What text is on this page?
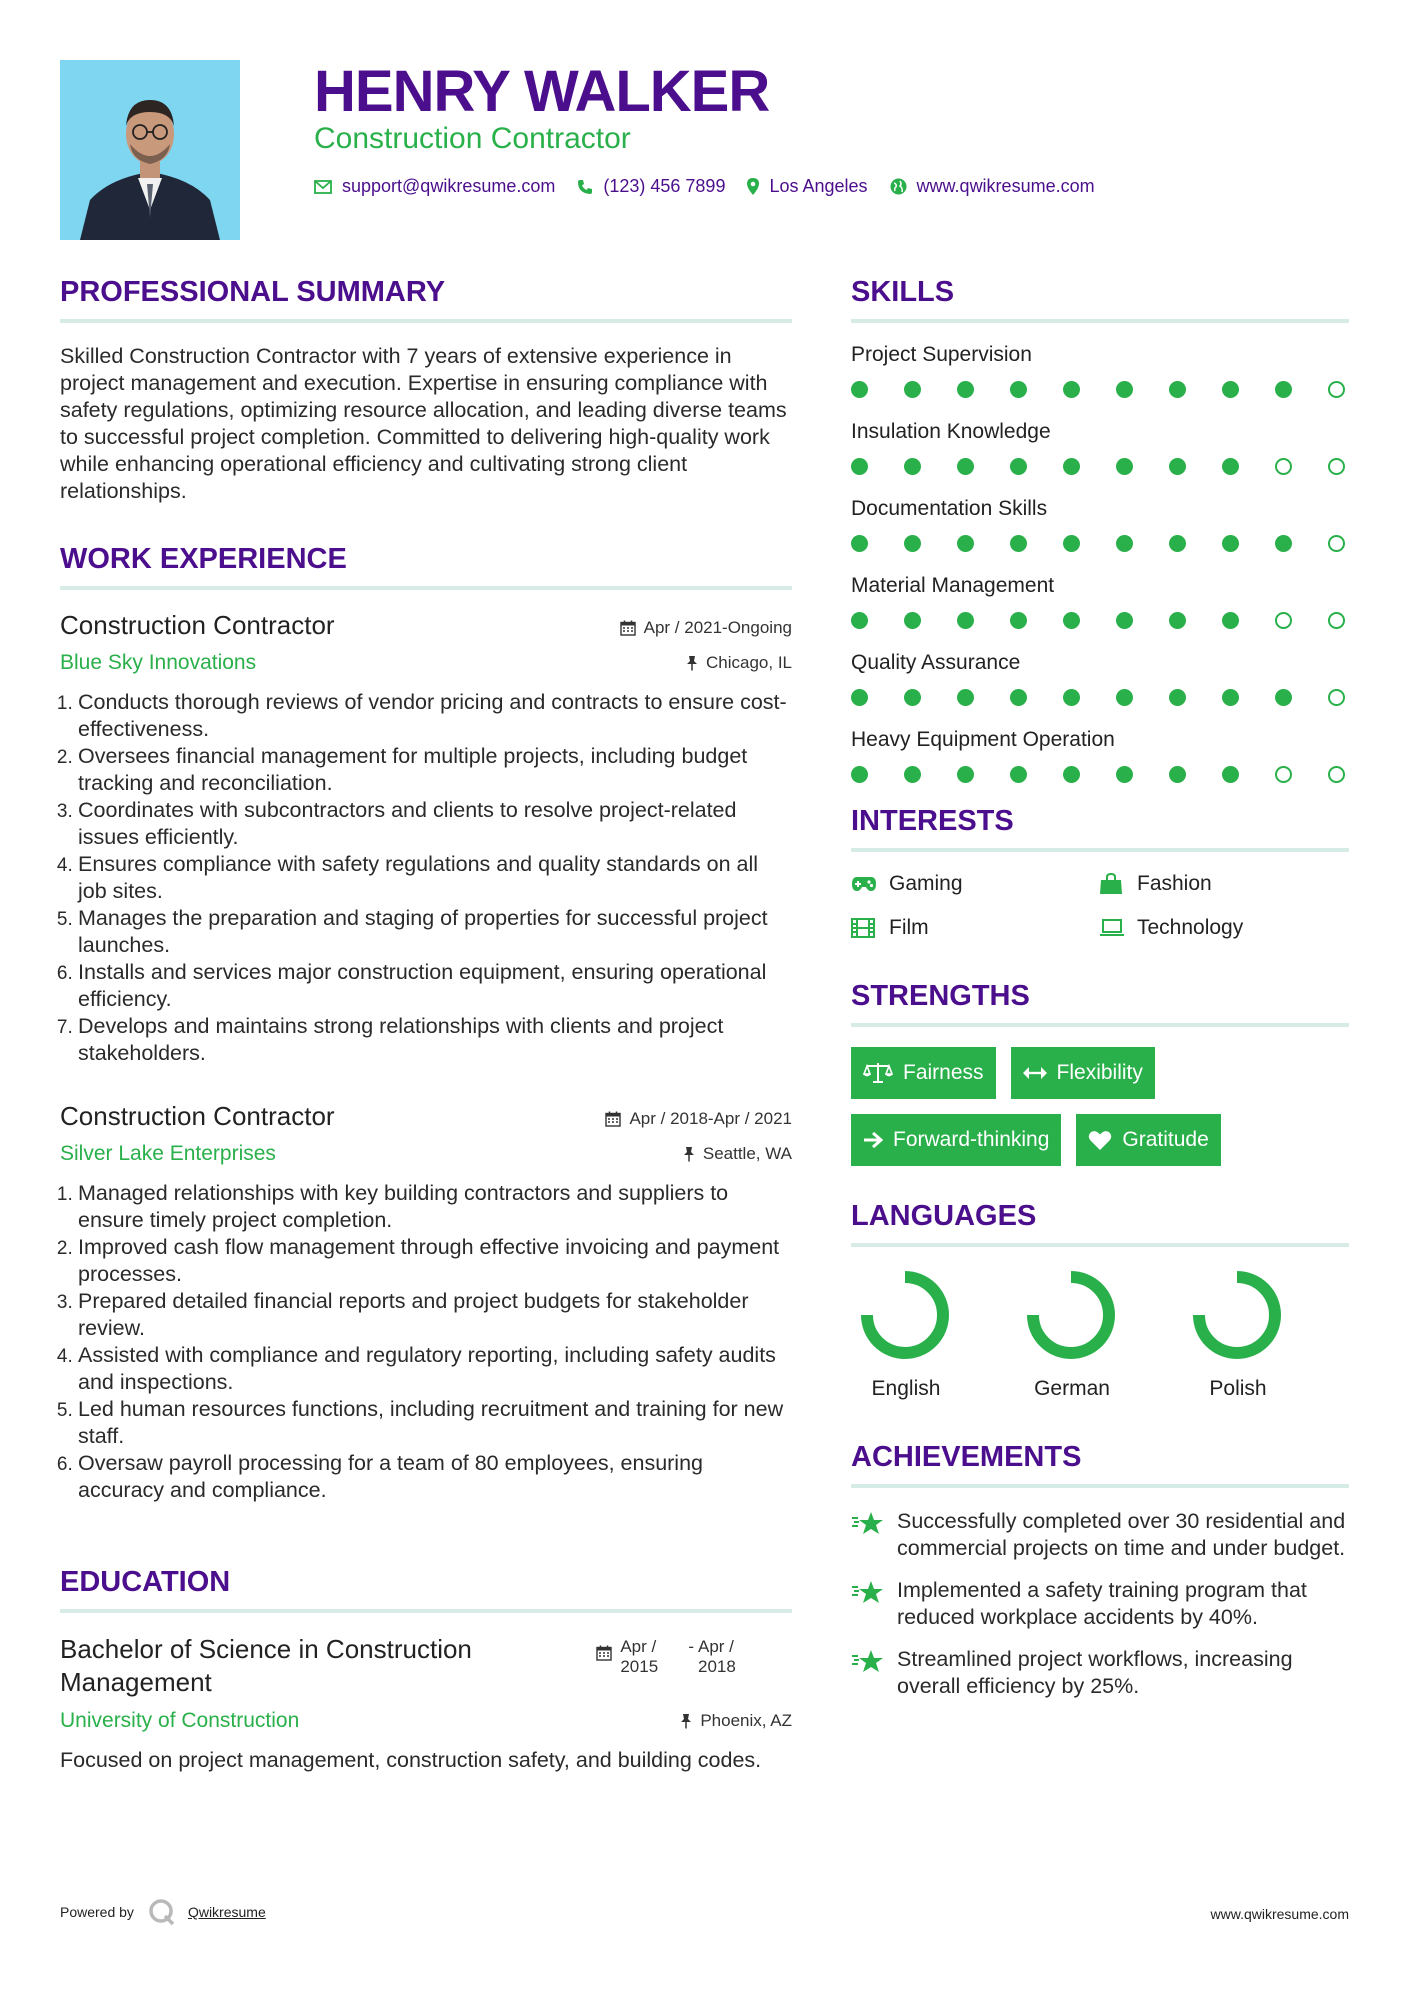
HENRY WALKER
Construction Contractor
support@qwikresume.com	(123) 456 7899 Los Angeles	www.qwikresume.com
PROFESSIONAL SUMMARY
Skilled Construction Contractor with 7 years of extensive experience in project management and execution. Expertise in ensuring compliance with safety regulations, optimizing resource allocation, and leading diverse teams to successful project completion. Committed to delivering high-quality work while enhancing operational efficiency and cultivating strong client relationships.
WORK EXPERIENCE
Construction Contractor	Apr / 2021-Ongoing
Blue Sky Innovations	Chicago, IL
1. Conducts thorough reviews of vendor pricing and contracts to ensure cost-effectiveness.
2. Oversees financial management for multiple projects, including budget tracking and reconciliation.
3. Coordinates with subcontractors and clients to resolve project-related issues efficiently.
4. Ensures compliance with safety regulations and quality standards on all job sites.
5. Manages the preparation and staging of properties for successful project launches.
6. Installs and services major construction equipment, ensuring operational efficiency.
7. Develops and maintains strong relationships with clients and project stakeholders.
Construction Contractor	Apr / 2018-Apr / 2021
Silver Lake Enterprises	Seattle, WA
1. Managed relationships with key building contractors and suppliers to ensure timely project completion.
2. Improved cash flow management through effective invoicing and payment processes.
3. Prepared detailed financial reports and project budgets for stakeholder review.
4. Assisted with compliance and regulatory reporting, including safety audits and inspections.
5. Led human resources functions, including recruitment and training for new staff.
6. Oversaw payroll processing for a team of 80 employees, ensuring accuracy and compliance.
EDUCATION
Bachelor of Science in Construction Management
Apr / 2015
- Apr / 2018
University of Construction	Phoenix, AZ
Focused on project management, construction safety, and building codes.
SKILLS
Project Supervision
Insulation Knowledge
Documentation Skills
Material Management
Quality Assurance
Heavy Equipment Operation
INTERESTS
Gaming	Fashion
Film	Technology
STRENGTHS
Fairness	Flexibility
Forward-thinking	Gratitude
LANGUAGES
English	German	Polish
ACHIEVEMENTS
Successfully completed over 30 residential and commercial projects on time and under budget.
Implemented a safety training program that reduced workplace accidents by 40%.
Streamlined project workflows, increasing overall efficiency by 25%.
Powered by	Qwikresume	www.qwikresume.com
